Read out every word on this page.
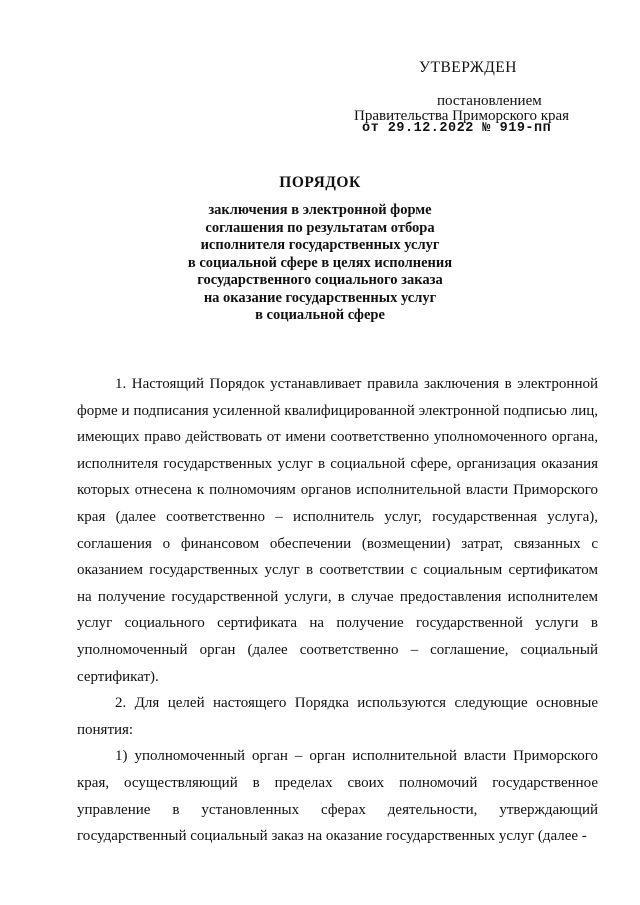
УТВЕРЖДЕН
постановлением
Правительства Приморского края
от 29.12.2022 № 919-пп
ПОРЯДОК
заключения в электронной форме
соглашения по результатам отбора
исполнителя государственных услуг
в социальной сфере в целях исполнения
государственного социального заказа
на оказание государственных услуг
в социальной сфере

1. Настоящий Порядок устанавливает правила заключения в электронной форме и подписания усиленной квалифицированной электронной подписью лиц, имеющих право действовать от имени соответственно уполномоченного органа, исполнителя государственных услуг в социальной сфере, организация оказания которых отнесена к полномочиям органов исполнительной власти Приморского края (далее соответственно – исполнитель услуг, государственная услуга), соглашения о финансовом обеспечении (возмещении) затрат, связанных с оказанием государственных услуг в соответствии с социальным сертификатом на получение государственной услуги, в случае предоставления исполнителем услуг социального сертификата на получение государственной услуги в уполномоченный орган (далее соответственно – соглашение, социальный сертификат).

2. Для целей настоящего Порядка используются следующие основные понятия:

1) уполномоченный орган – орган исполнительной власти Приморского края, осуществляющий в пределах своих полномочий государственное управление в установленных сферах деятельности, утверждающий государственный социальный заказ на оказание государственных услуг (далее -
